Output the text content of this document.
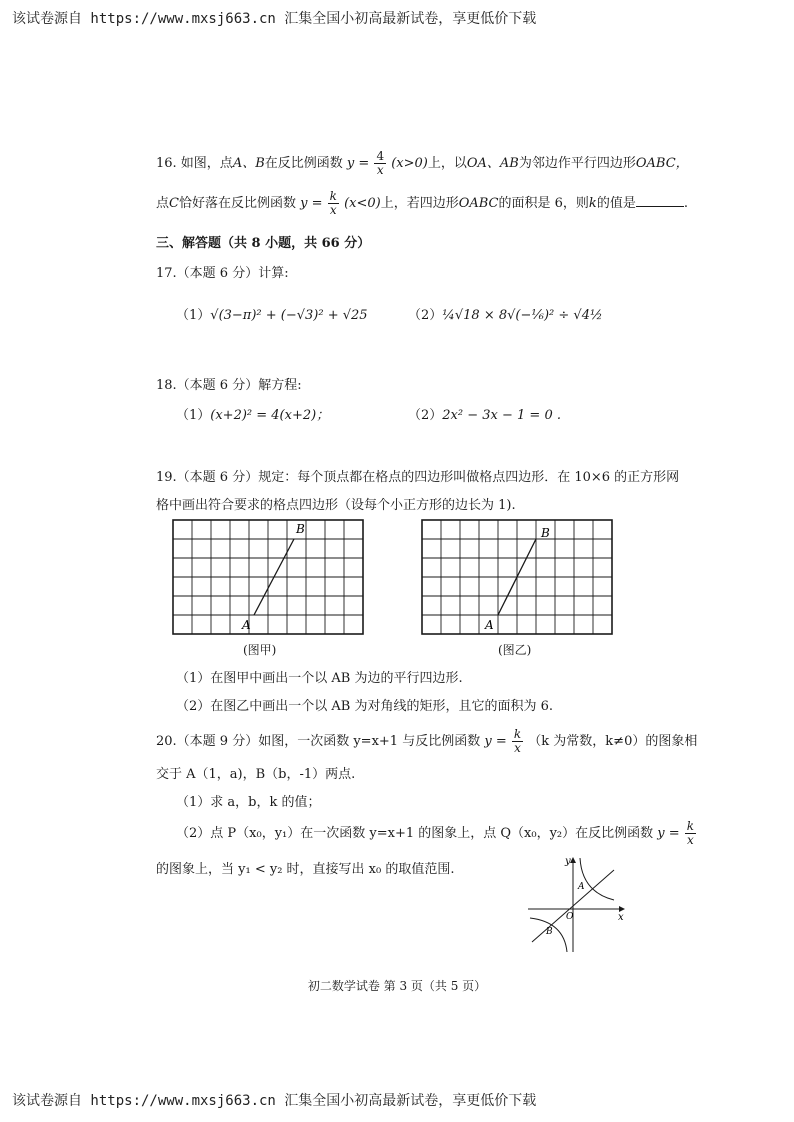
该试卷源自 https://www.mxsj663.cn 汇集全国小初高最新试卷，享更低价下载
16. 如图，点A、B在反比例函数 $y = \frac{4}{x} (x>0)$上，以OA、AB为邻边作平行四边形OABC，
点C恰好落在反比例函数 $y = \frac{k}{x} (x<0)$上，若四边形OABC的面积是 6，则k的值是	.
三、解答题（共 8 小题，共 66 分）
17.（本题 6 分）计算:
（1）√(3−π)² + (−√3)² + √25	（2）¼√18 × 8√(−⅙)² ÷ √4½
18.（本题 6 分）解方程:
（1）(x+2)² = 4(x+2)；	（2）2x² − 3x − 1 = 0 .
19.（本题 6 分）规定：每个顶点都在格点的四边形叫做格点四边形．在 10×6 的正方形网
格中画出符合要求的格点四边形（设每个小正方形的边长为 1).
A
B
(图甲)
A
B
(图乙)
（1）在图甲中画出一个以 AB 为边的平行四边形.
（2）在图乙中画出一个以 AB 为对角线的矩形，且它的面积为 6.
20.（本题 9 分）如图，一次函数 y=x+1 与反比例函数 $y = \frac{k}{x} (k$ 为常数，k≠0）的图象相
交于 A（1，a)，B（b，-1）两点.
（1）求 a，b，k 的值；
（2）点 P（x₀，y₁）在一次函数 y=x+1 的图象上，点 Q（x₀，y₂）在反比例函数 $y = \frac{k}{x}$
的图象上，当 y₁ < y₂ 时，直接写出 x₀ 的取值范围.
y
x
O
A
B
初二数学试卷 第 3 页（共 5 页）
该试卷源自 https://www.mxsj663.cn 汇集全国小初高最新试卷，享更低价下载
